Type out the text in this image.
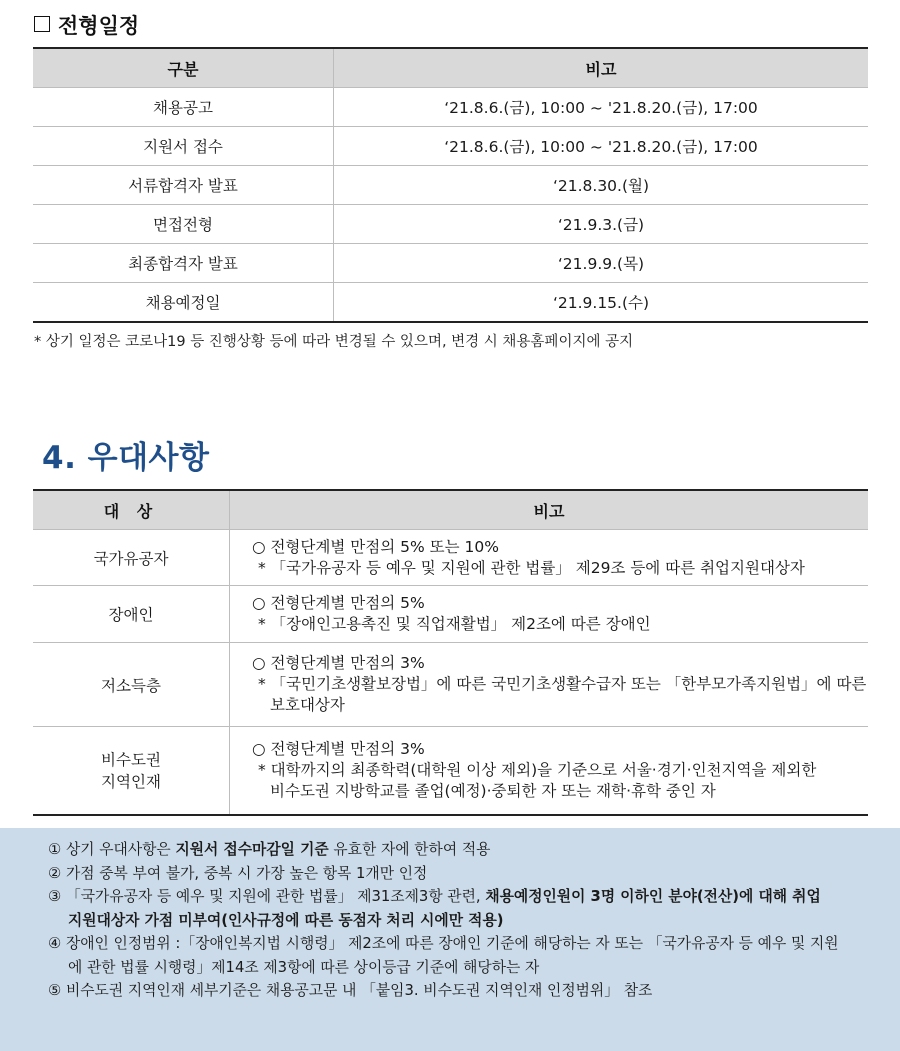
전형일정
구분	비고
채용공고	‘21.8.6.(금), 10:00 ~ '21.8.20.(금), 17:00
지원서 접수	‘21.8.6.(금), 10:00 ~ '21.8.20.(금), 17:00
서류합격자 발표	‘21.8.30.(월)
면접전형	‘21.9.3.(금)
최종합격자 발표	‘21.9.9.(목)
채용예정일	‘21.9.15.(수)
* 상기 일정은 코로나19 등 진행상황 등에 따라 변경될 수 있으며, 변경 시 채용홈페이지에 공지
4. 우대사항
대 상	비고
국가유공자	○ 전형단계별 만점의 5% 또는 10%
* 「국가유공자 등 예우 및 지원에 관한 법률」 제29조 등에 따른 취업지원대상자

장애인	○ 전형단계별 만점의 5%
* 「장애인고용촉진 및 직업재활법」 제2조에 따른 장애인

저소득층	○ 전형단계별 만점의 3%
* 「국민기초생활보장법」에 따른 국민기초생활수급자 또는 「한부모가족지원법」에 따른
보호대상자

비수도권
지역인재	○ 전형단계별 만점의 3%
* 대학까지의 최종학력(대학원 이상 제외)을 기준으로 서울·경기·인천지역을 제외한
비수도권 지방학교를 졸업(예정)·중퇴한 자 또는 재학·휴학 중인 자
① 상기 우대사항은 지원서 접수마감일 기준 유효한 자에 한하여 적용
② 가점 중복 부여 불가, 중복 시 가장 높은 항목 1개만 인정
③ 「국가유공자 등 예우 및 지원에 관한 법률」 제31조제3항 관련, 채용예정인원이 3명 이하인 분야(전산)에 대해 취업
지원대상자 가점 미부여(인사규정에 따른 동점자 처리 시에만 적용)
④ 장애인 인정범위 :「장애인복지법 시행령」 제2조에 따른 장애인 기준에 해당하는 자 또는 「국가유공자 등 예우 및 지원
에 관한 법률 시행령」제14조 제3항에 따른 상이등급 기준에 해당하는 자
⑤ 비수도권 지역인재 세부기준은 채용공고문 내 「붙임3. 비수도권 지역인재 인정범위」 참조
